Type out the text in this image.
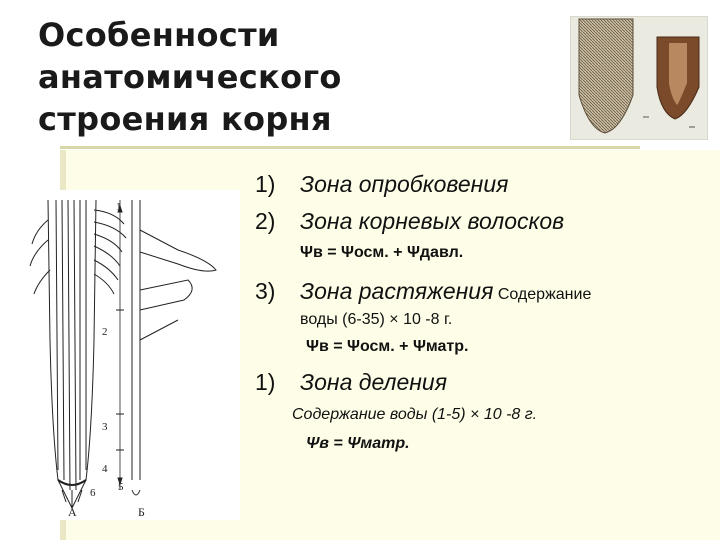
Особенности
анатомического
строения корня
1
2
3
4
5
6
А	Б

1) Зона опробковения

2) Зона корневых волосков

Ψв = Ψосм. + Ψдавл.

3) Зона растяжения Содержание

воды (6-35) × 10 -8 г.

Ψв = Ψосм. + Ψматр.

1) Зона деления

Содержание воды (1-5) × 10 -8 г.

Ψв = Ψматр.
